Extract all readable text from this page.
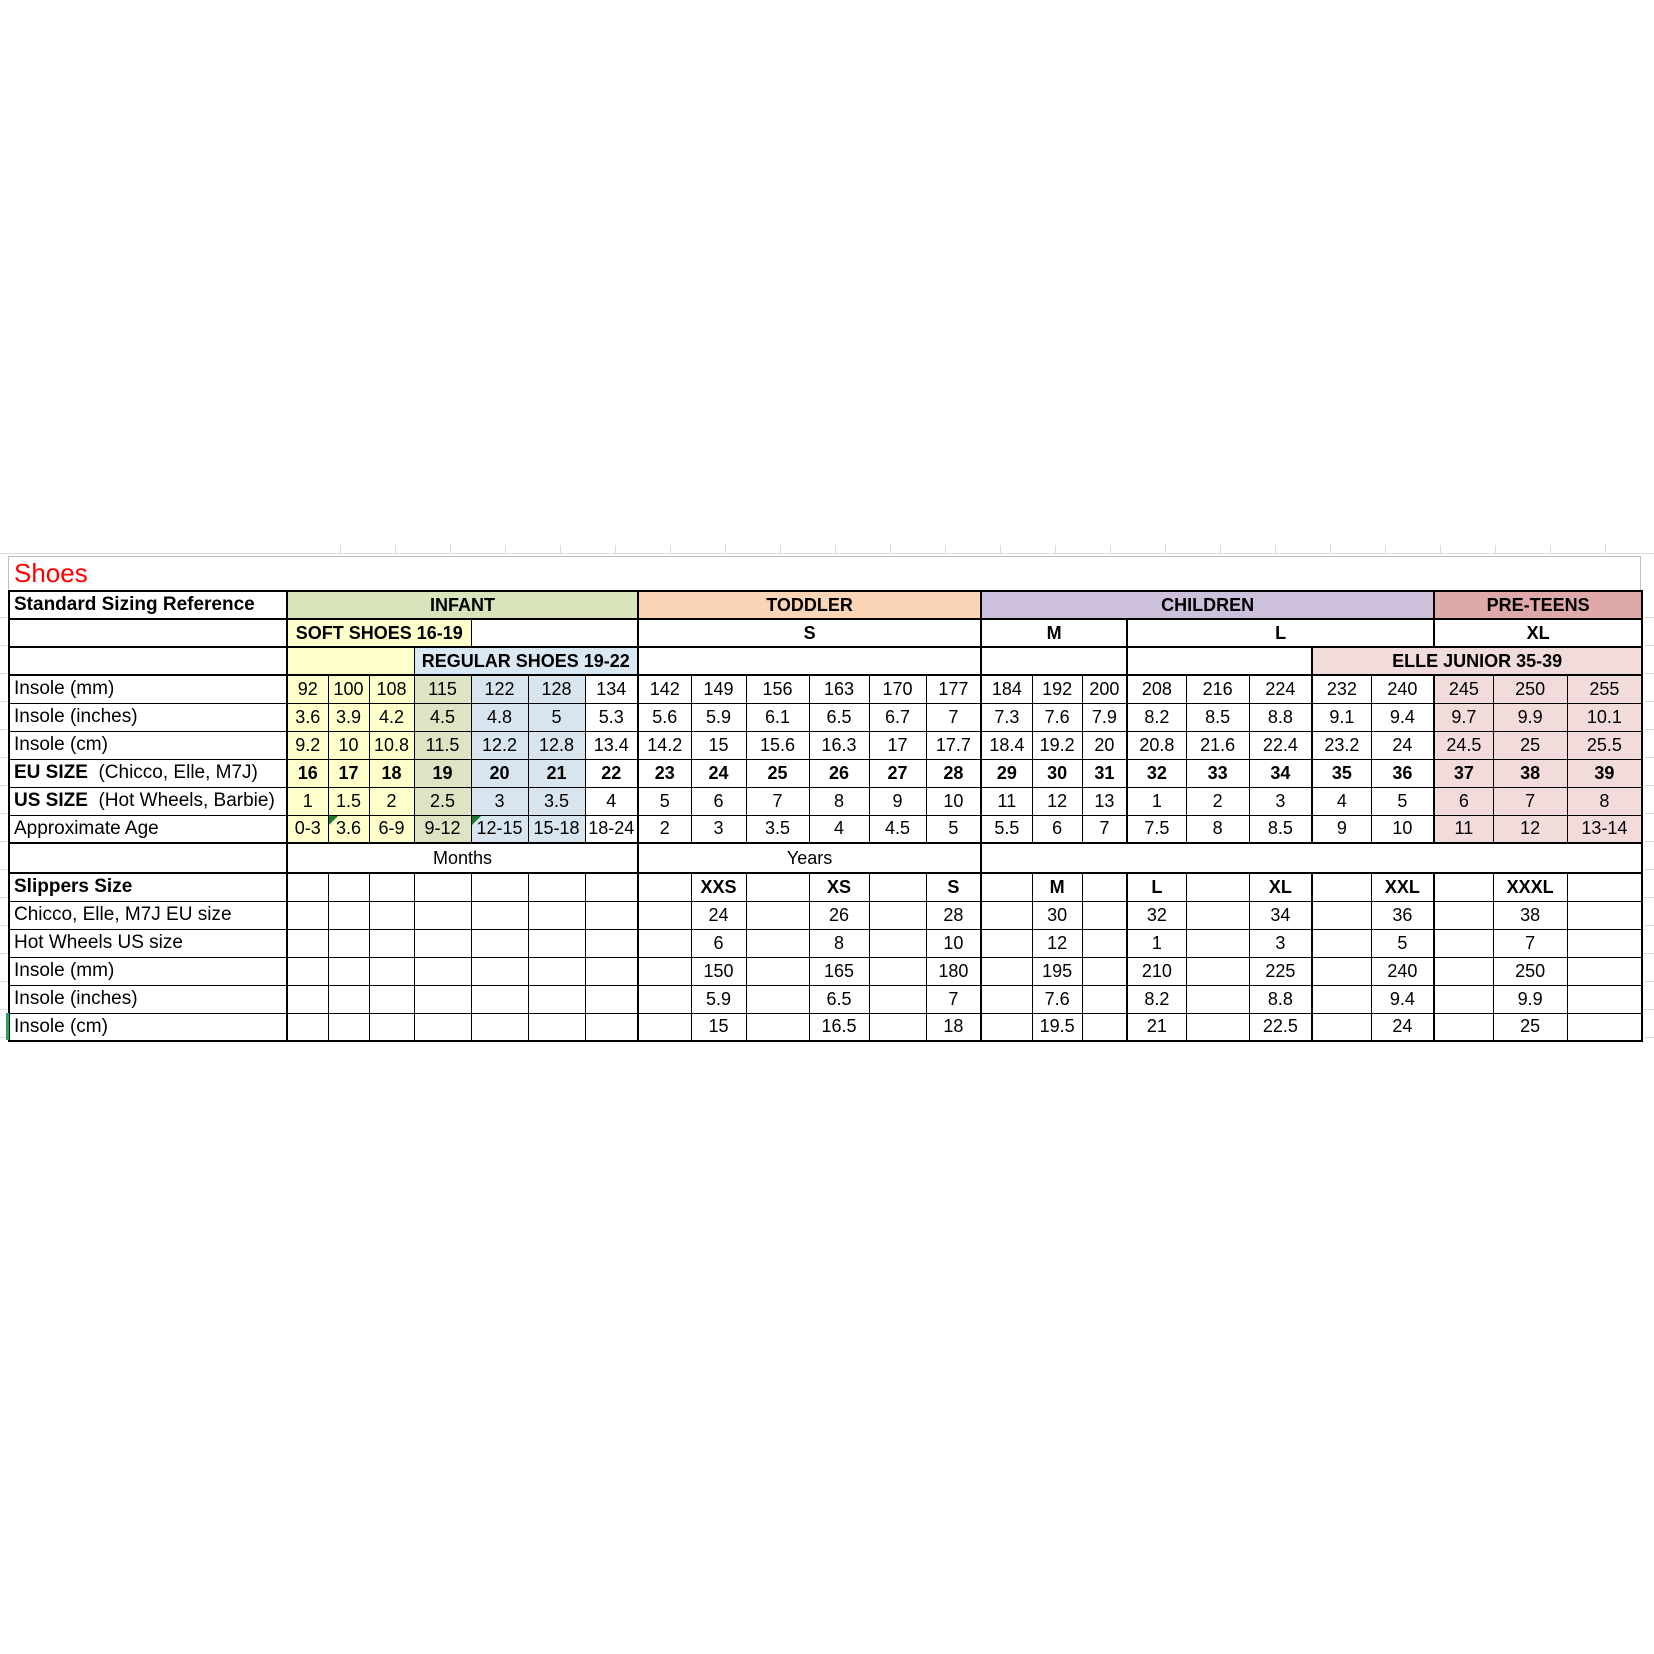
Shoes
Standard Sizing Reference	INFANT							TODDLER						CHILDREN								PRE-TEENS		
	SOFT SHOES 16-19							S						M			L					XL		
				REGULAR SHOES 19-22																ELLE JUNIOR 35-39				
Insole (mm)	92	100	108	115	122	128	134	142	149	156	163	170	177	184	192	200	208	216	224	232	240	245	250	255
Insole (inches)	3.6	3.9	4.2	4.5	4.8	5	5.3	5.6	5.9	6.1	6.5	6.7	7	7.3	7.6	7.9	8.2	8.5	8.8	9.1	9.4	9.7	9.9	10.1
Insole (cm)	9.2	10	10.8	11.5	12.2	12.8	13.4	14.2	15	15.6	16.3	17	17.7	18.4	19.2	20	20.8	21.6	22.4	23.2	24	24.5	25	25.5
EU SIZE  (Chicco, Elle, M7J)	16	17	18	19	20	21	22	23	24	25	26	27	28	29	30	31	32	33	34	35	36	37	38	39
US SIZE  (Hot Wheels, Barbie)	1	1.5	2	2.5	3	3.5	4	5	6	7	8	9	10	11	12	13	1	2	3	4	5	6	7	8
Approximate Age	0-3	3.6	6-9	9-12	12-15	15-18	18-24	2	3	3.5	4	4.5	5	5.5	6	7	7.5	8	8.5	9	10	11	12	13-14
	Months							Years																
Slippers Size									XXS		XS		S		M		L		XL		XXL		XXXL	
Chicco, Elle, M7J EU size									24		26		28		30		32		34		36		38	
Hot Wheels US size									6		8		10		12		1		3		5		7	
Insole (mm)									150		165		180		195		210		225		240		250	
Insole (inches)									5.9		6.5		7		7.6		8.2		8.8		9.4		9.9	
Insole (cm)									15		16.5		18		19.5		21		22.5		24		25	
